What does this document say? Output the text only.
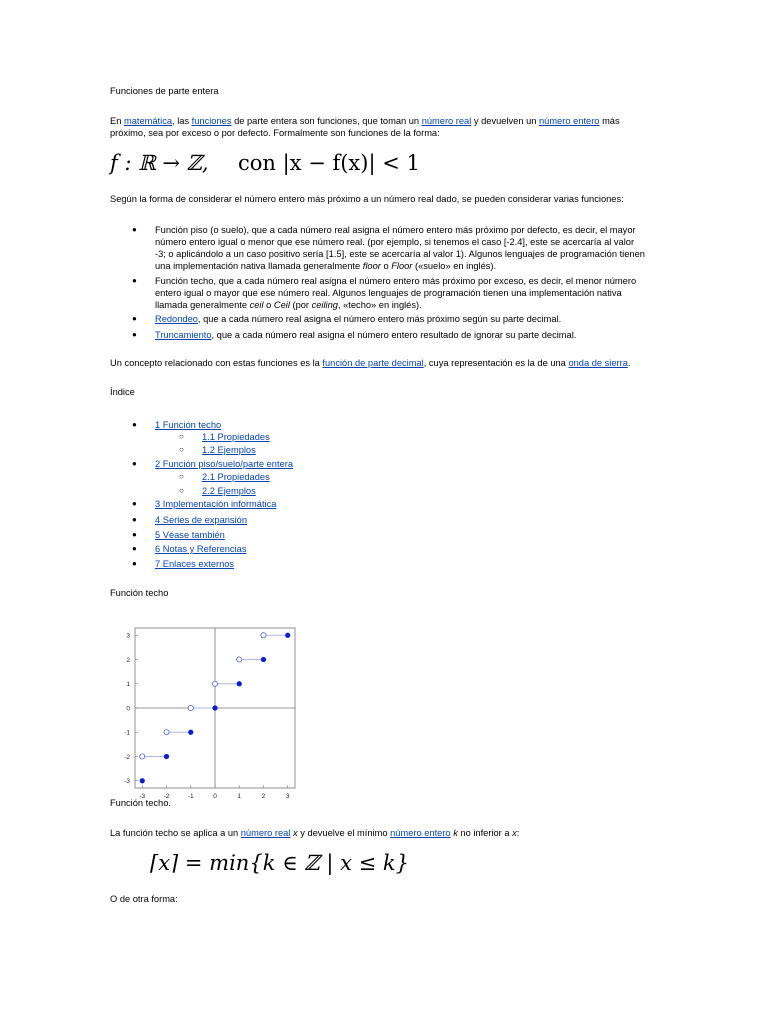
Funciones de parte entera
En matemática, las funciones de parte entera son funciones, que toman un número real y devuelven un número entero más próximo, sea por exceso o por defecto. Formalmente son funciones de la forma:
f : ℝ → ℤ, con |x − f(x)| < 1
Según la forma de considerar el número entero más próximo a un número real dado, se pueden considerar varias funciones:
● Función piso (o suelo), que a cada número real asigna el número entero más próximo por defecto, es decir, el mayor número entero igual o menor que ese número real. (por ejemplo, si tenemos el caso [-2.4], este se acercaría al valor -3; o aplicándolo a un caso positivo sería [1.5], este se acercaría al valor 1). Algunos lenguajes de programación tienen una implementación nativa llamada generalmente floor o Floor («suelo» en inglés).
● Función techo, que a cada número real asigna el número entero más próximo por exceso, es decir, el menor número entero igual o mayor que ese número real. Algunos lenguajes de programación tienen una implementación nativa llamada generalmente ceil o Ceil (por ceiling, «techo» en inglés).
● Redondeo, que a cada número real asigna el número entero más próximo según su parte decimal.
● Truncamiento, que a cada número real asigna el número entero resultado de ignorar su parte decimal.
Un concepto relacionado con estas funciones es la función de parte decimal, cuya representación es la de una onda de sierra.
Índice
● 1 Función techo
○ 1.1 Propiedades
○ 1.2 Ejemplos
● 2 Función piso/suelo/parte entera
○ 2.1 Propiedades
○ 2.2 Ejemplos
● 3 Implementación informática
● 4 Series de expansión
● 5 Véase también
● 6 Notas y Referencias
● 7 Enlaces externos
Función techo
-3	-2	-1	0	1	2	3
3
2
1
0
-1
-2
-3
Función techo.
La función techo se aplica a un número real x y devuelve el mínimo número entero k no inferior a x:
⌈x⌉ = min{k ∈ ℤ | x ≤ k}
O de otra forma:
